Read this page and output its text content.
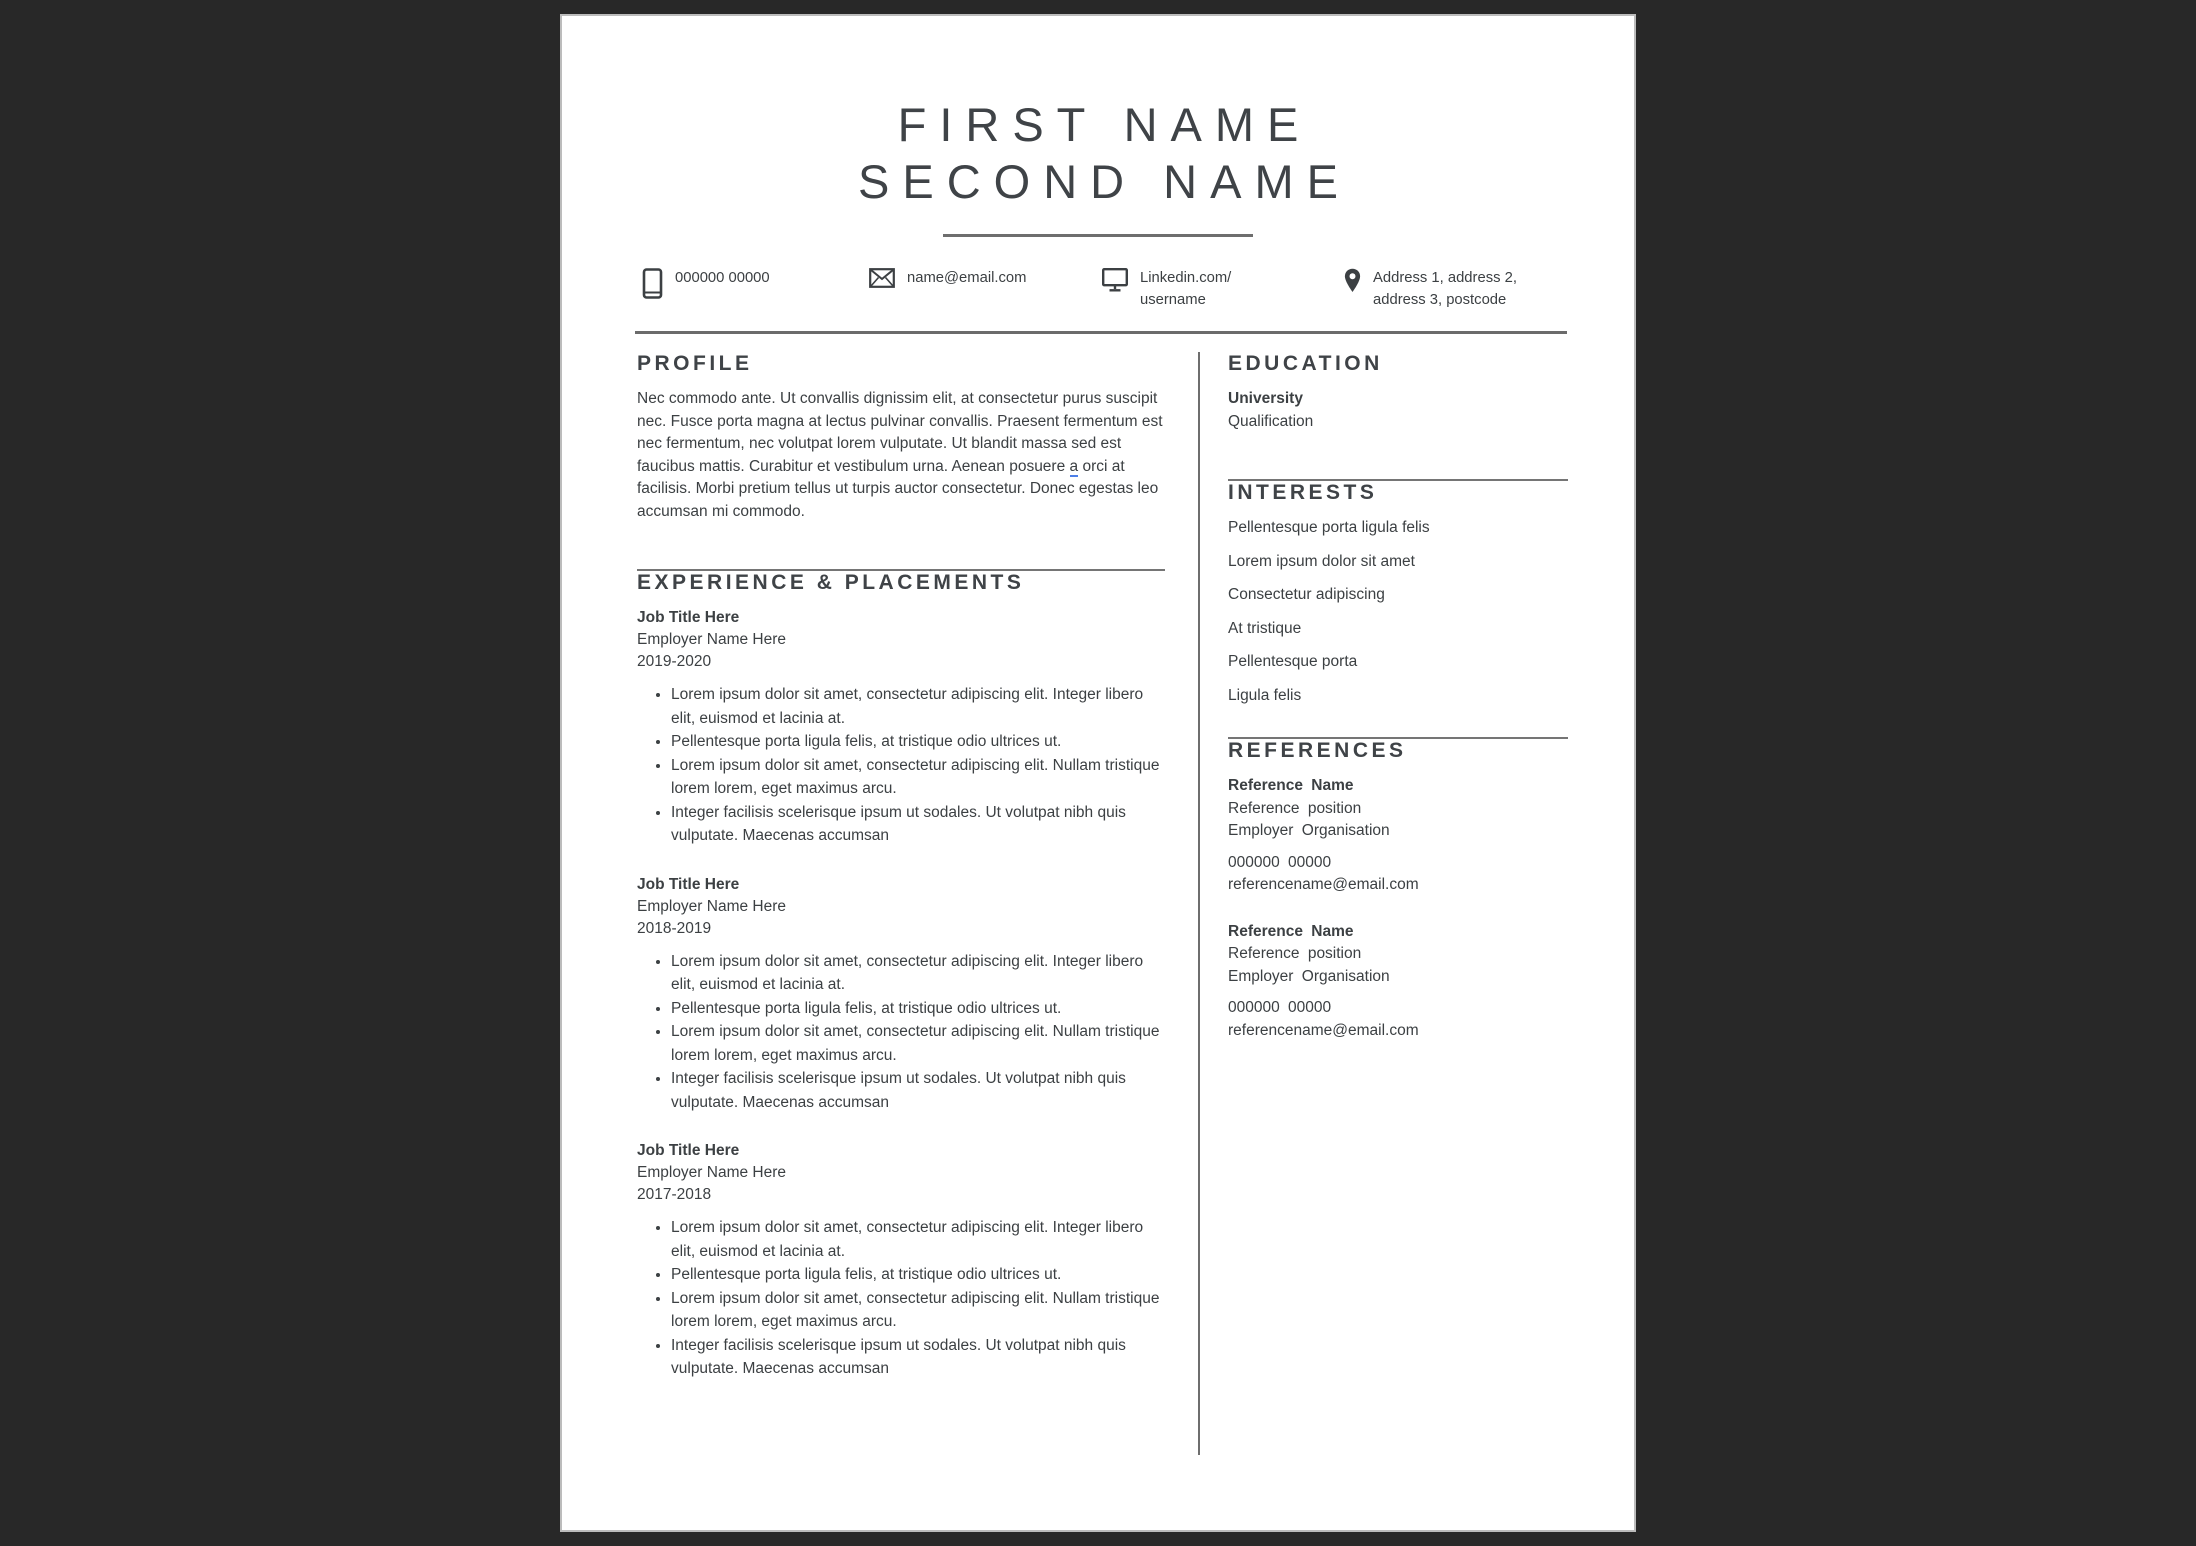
FIRST NAME
SECOND NAME
000000 00000	name@email.com	Linkedin.com/
username
Address 1, address 2,
address 3, postcode
PROFILE

Nec commodo ante. Ut convallis dignissim elit, at consectetur purus suscipit nec. Fusce porta magna at lectus pulvinar convallis. Praesent fermentum est nec fermentum, nec volutpat lorem vulputate. Ut blandit massa sed est faucibus mattis. Curabitur et vestibulum urna. Aenean posuere a orci at facilisis. Morbi pretium tellus ut turpis auctor consectetur. Donec egestas leo accumsan mi commodo.

EXPERIENCE & PLACEMENTS
Job Title Here
Employer Name Here
2019-2020
• Lorem ipsum dolor sit amet, consectetur adipiscing elit. Integer libero elit, euismod et lacinia at.
• Pellentesque porta ligula felis, at tristique odio ultrices ut.
• Lorem ipsum dolor sit amet, consectetur adipiscing elit. Nullam tristique lorem lorem, eget maximus arcu.
• Integer facilisis scelerisque ipsum ut sodales. Ut volutpat nibh quis vulputate. Maecenas accumsan
Job Title Here
Employer Name Here
2018-2019
• Lorem ipsum dolor sit amet, consectetur adipiscing elit. Integer libero elit, euismod et lacinia at.
• Pellentesque porta ligula felis, at tristique odio ultrices ut.
• Lorem ipsum dolor sit amet, consectetur adipiscing elit. Nullam tristique lorem lorem, eget maximus arcu.
• Integer facilisis scelerisque ipsum ut sodales. Ut volutpat nibh quis vulputate. Maecenas accumsan
Job Title Here
Employer Name Here
2017-2018
• Lorem ipsum dolor sit amet, consectetur adipiscing elit. Integer libero elit, euismod et lacinia at.
• Pellentesque porta ligula felis, at tristique odio ultrices ut.
• Lorem ipsum dolor sit amet, consectetur adipiscing elit. Nullam tristique lorem lorem, eget maximus arcu.
• Integer facilisis scelerisque ipsum ut sodales. Ut volutpat nibh quis vulputate. Maecenas accumsan
EDUCATION
University
Qualification
INTERESTS

Pellentesque porta ligula felis

Lorem ipsum dolor sit amet

Consectetur adipiscing

At tristique

Pellentesque porta

Ligula felis

REFERENCES
Reference Name
Reference position
Employer Organisation
000000 00000
referencename@email.com
Reference Name
Reference position
Employer Organisation
000000 00000
referencename@email.com
